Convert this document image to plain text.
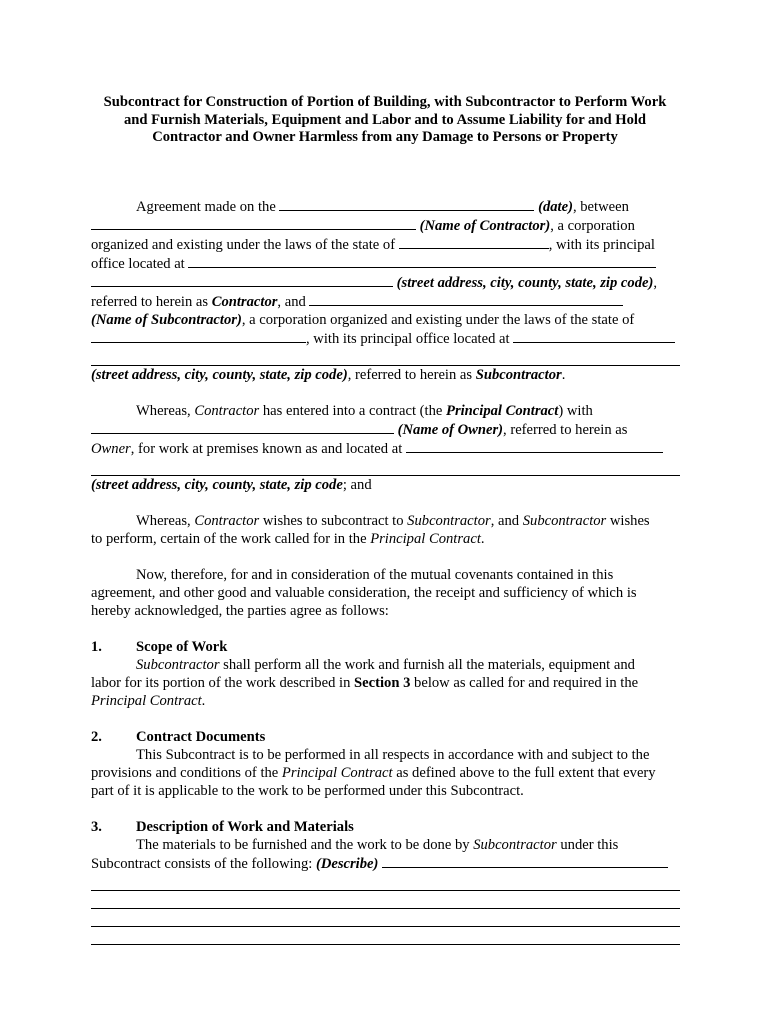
Subcontract for Construction of Portion of Building, with Subcontractor to Perform Work
and Furnish Materials, Equipment and Labor and to Assume Liability for and Hold
Contractor and Owner Harmless from any Damage to Persons or Property

Agreement made on the	(date), between

(Name of Contractor), a corporation

organized and existing under the laws of the state of	, with its principal

office located at

(street address, city, county, state, zip code),

referred to herein as Contractor, and

(Name of Subcontractor), a corporation organized and existing under the laws of the state of

, with its principal office located at

(street address, city, county, state, zip code), referred to herein as Subcontractor.

Whereas, Contractor has entered into a contract (the Principal Contract) with

(Name of Owner), referred to herein as

Owner, for work at premises known as and located at

(street address, city, county, state, zip code; and

Whereas, Contractor wishes to subcontract to Subcontractor, and Subcontractor wishes

to perform, certain of the work called for in the Principal Contract.

Now, therefore, for and in consideration of the mutual covenants contained in this

agreement, and other good and valuable consideration, the receipt and sufficiency of which is

hereby acknowledged, the parties agree as follows:

1. Scope of Work

Subcontractor shall perform all the work and furnish all the materials, equipment and

labor for its portion of the work described in Section 3 below as called for and required in the

Principal Contract.

2. Contract Documents

This Subcontract is to be performed in all respects in accordance with and subject to the

provisions and conditions of the Principal Contract as defined above to the full extent that every

part of it is applicable to the work to be performed under this Subcontract.

3. Description of Work and Materials

The materials to be furnished and the work to be done by Subcontractor under this

Subcontract consists of the following: (Describe)
